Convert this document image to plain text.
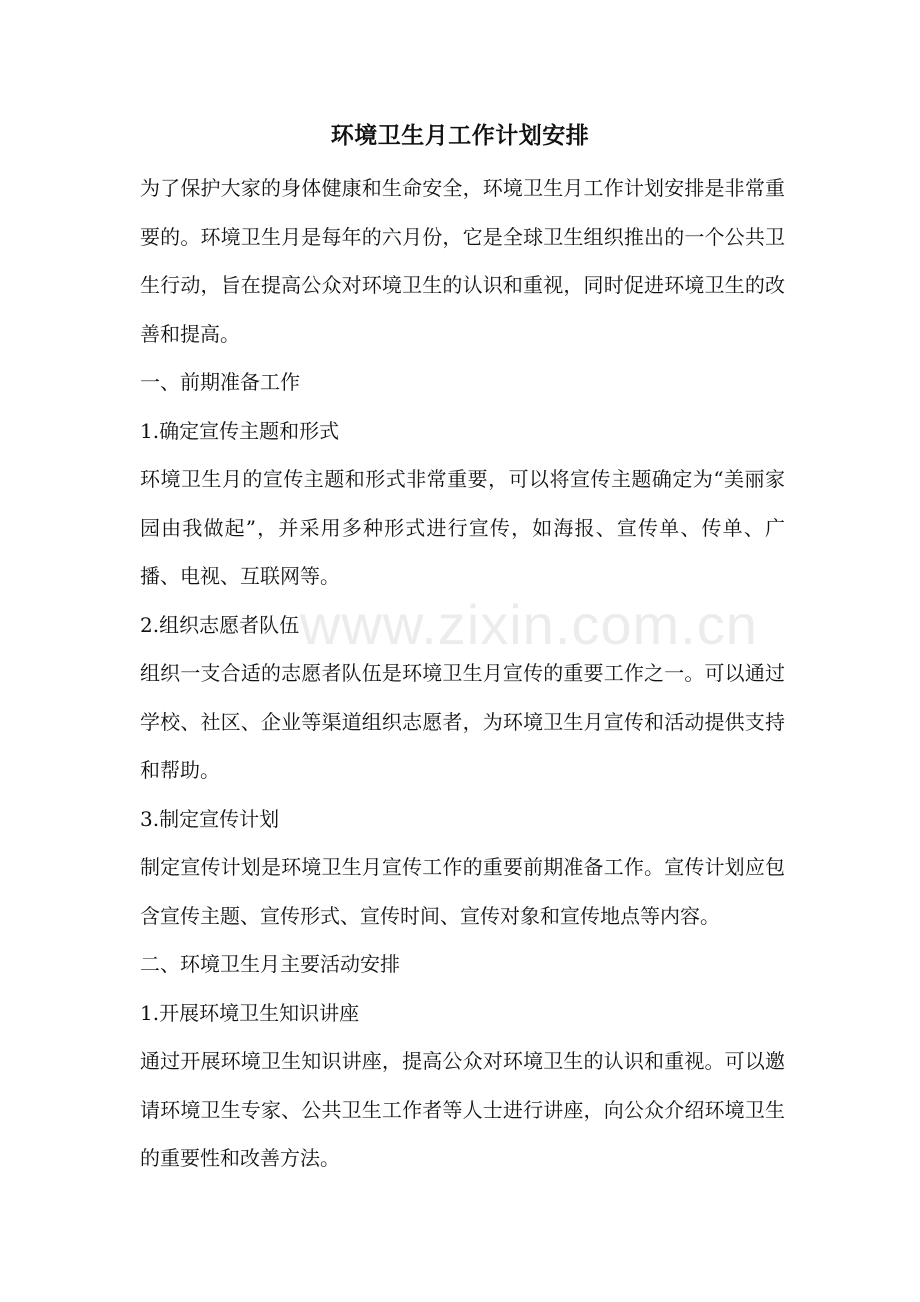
环境卫生月工作计划安排

为了保护大家的身体健康和生命安全，环境卫生月工作计划安排是非常重要的。环境卫生月是每年的六月份，它是全球卫生组织推出的一个公共卫生行动，旨在提高公众对环境卫生的认识和重视，同时促进环境卫生的改善和提高。

一、前期准备工作

1.确定宣传主题和形式

环境卫生月的宣传主题和形式非常重要，可以将宣传主题确定为“美丽家园由我做起”，并采用多种形式进行宣传，如海报、宣传单、传单、广播、电视、互联网等。

2.组织志愿者队伍

组织一支合适的志愿者队伍是环境卫生月宣传的重要工作之一。可以通过学校、社区、企业等渠道组织志愿者，为环境卫生月宣传和活动提供支持和帮助。

3.制定宣传计划

制定宣传计划是环境卫生月宣传工作的重要前期准备工作。宣传计划应包含宣传主题、宣传形式、宣传时间、宣传对象和宣传地点等内容。

二、环境卫生月主要活动安排

1.开展环境卫生知识讲座

通过开展环境卫生知识讲座，提高公众对环境卫生的认识和重视。可以邀请环境卫生专家、公共卫生工作者等人士进行讲座，向公众介绍环境卫生的重要性和改善方法。

www.zixin.com.cn
